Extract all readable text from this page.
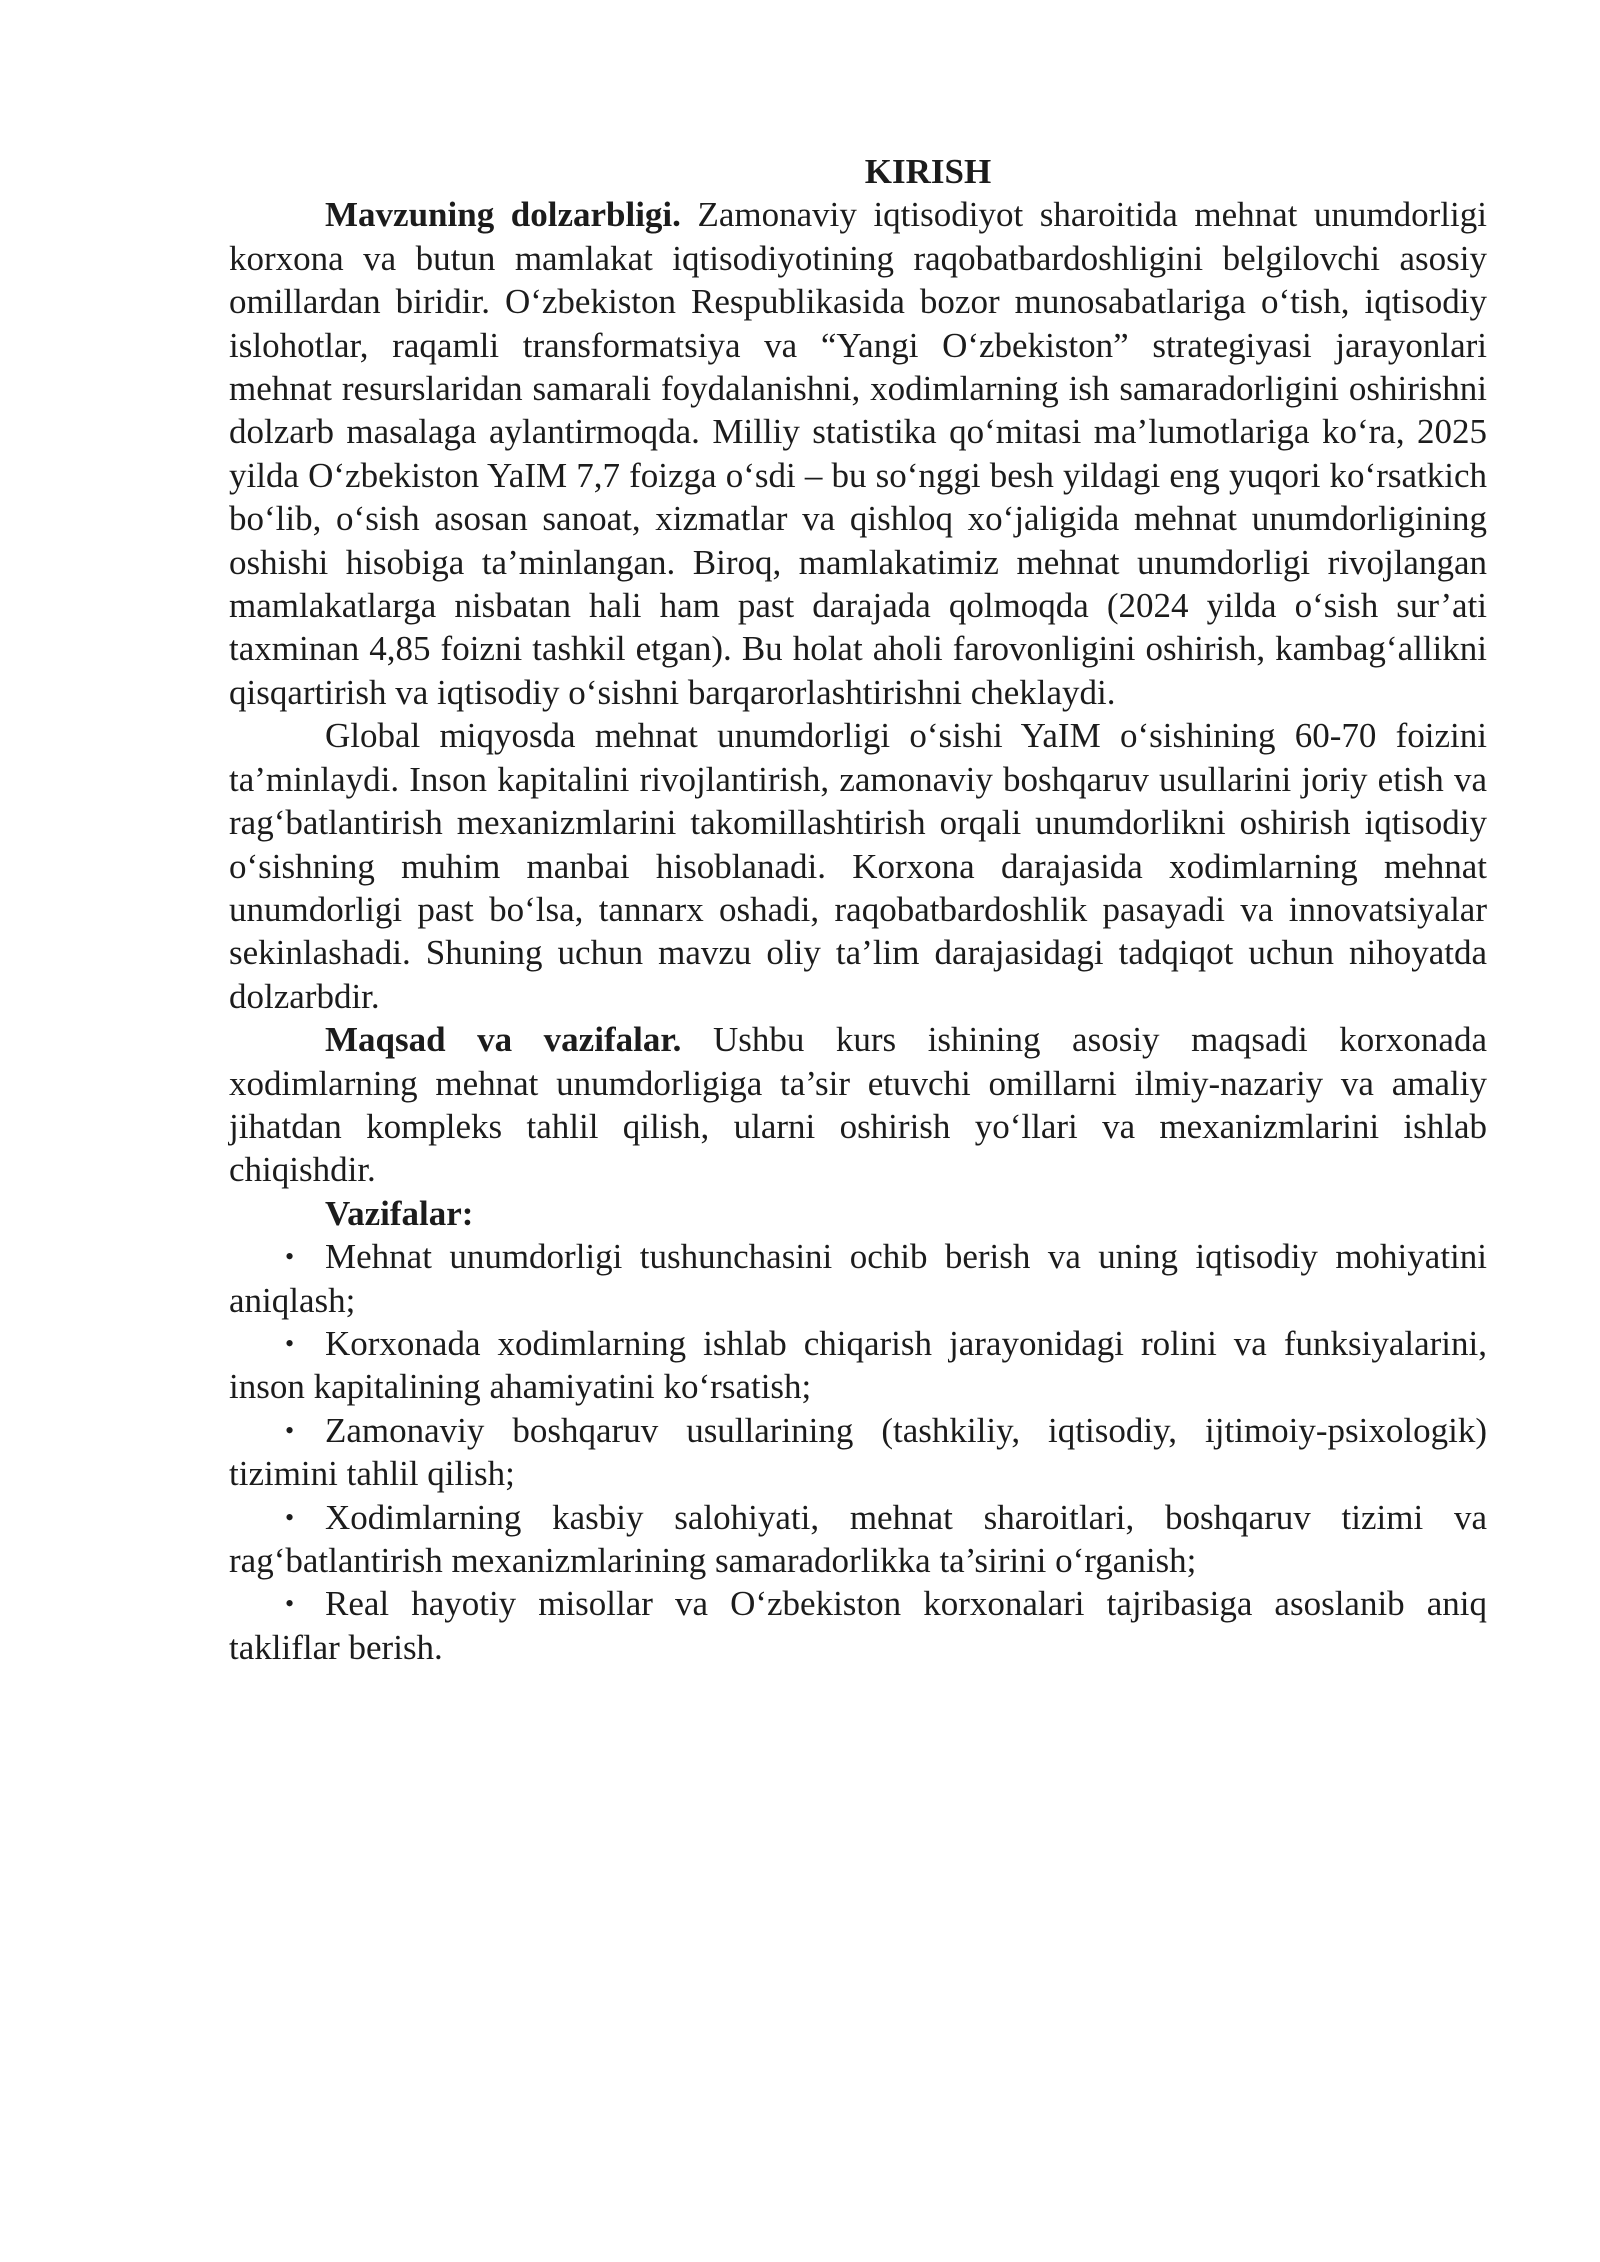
KIRISH

Mavzuning dolzarbligi. Zamonaviy iqtisodiyot sharoitida mehnat unumdorligi korxona va butun mamlakat iqtisodiyotining raqobatbardoshligini belgilovchi asosiy omillardan biridir. O‘zbekiston Respublikasida bozor munosabatlariga o‘tish, iqtisodiy islohotlar, raqamli transformatsiya va “Yangi O‘zbekiston” strategiyasi jarayonlari mehnat resurslaridan samarali foydalanishni, xodimlarning ish samaradorligini oshirishni dolzarb masalaga aylantirmoqda. Milliy statistika qo‘mitasi ma’lumotlariga ko‘ra, 2025 yilda O‘zbekiston YaIM 7,7 foizga o‘sdi – bu so‘nggi besh yildagi eng yuqori ko‘rsatkich bo‘lib, o‘sish asosan sanoat, xizmatlar va qishloq xo‘jaligida mehnat unumdorligining oshishi hisobiga ta’minlangan. Biroq, mamlakatimiz mehnat unumdorligi rivojlangan mamlakatlarga nisbatan hali ham past darajada qolmoqda (2024 yilda o‘sish sur’ati taxminan 4,85 foizni tashkil etgan). Bu holat aholi farovonligini oshirish, kambag‘allikni qisqartirish va iqtisodiy o‘sishni barqarorlashtirishni cheklaydi.

Global miqyosda mehnat unumdorligi o‘sishi YaIM o‘sishining 60-70 foizini ta’minlaydi. Inson kapitalini rivojlantirish, zamonaviy boshqaruv usullarini joriy etish va rag‘batlantirish mexanizmlarini takomillashtirish orqali unumdorlikni oshirish iqtisodiy o‘sishning muhim manbai hisoblanadi. Korxona darajasida xodimlarning mehnat unumdorligi past bo‘lsa, tannarx oshadi, raqobatbardoshlik pasayadi va innovatsiyalar sekinlashadi. Shuning uchun mavzu oliy ta’lim darajasidagi tadqiqot uchun nihoyatda dolzarbdir.

Maqsad va vazifalar. Ushbu kurs ishining asosiy maqsadi korxonada xodimlarning mehnat unumdorligiga ta’sir etuvchi omillarni ilmiy-nazariy va amaliy jihatdan kompleks tahlil qilish, ularni oshirish yo‘llari va mexanizmlarini ishlab chiqishdir.

Vazifalar:

• Mehnat unumdorligi tushunchasini ochib berish va uning iqtisodiy mohiyatini aniqlash;
• Korxonada xodimlarning ishlab chiqarish jarayonidagi rolini va funksiyalarini, inson kapitalining ahamiyatini ko‘rsatish;
• Zamonaviy boshqaruv usullarining (tashkiliy, iqtisodiy, ijtimoiy-psixologik) tizimini tahlil qilish;
• Xodimlarning kasbiy salohiyati, mehnat sharoitlari, boshqaruv tizimi va rag‘batlantirish mexanizmlarining samaradorlikka ta’sirini o‘rganish;
• Real hayotiy misollar va O‘zbekiston korxonalari tajribasiga asoslanib aniq takliflar berish.
